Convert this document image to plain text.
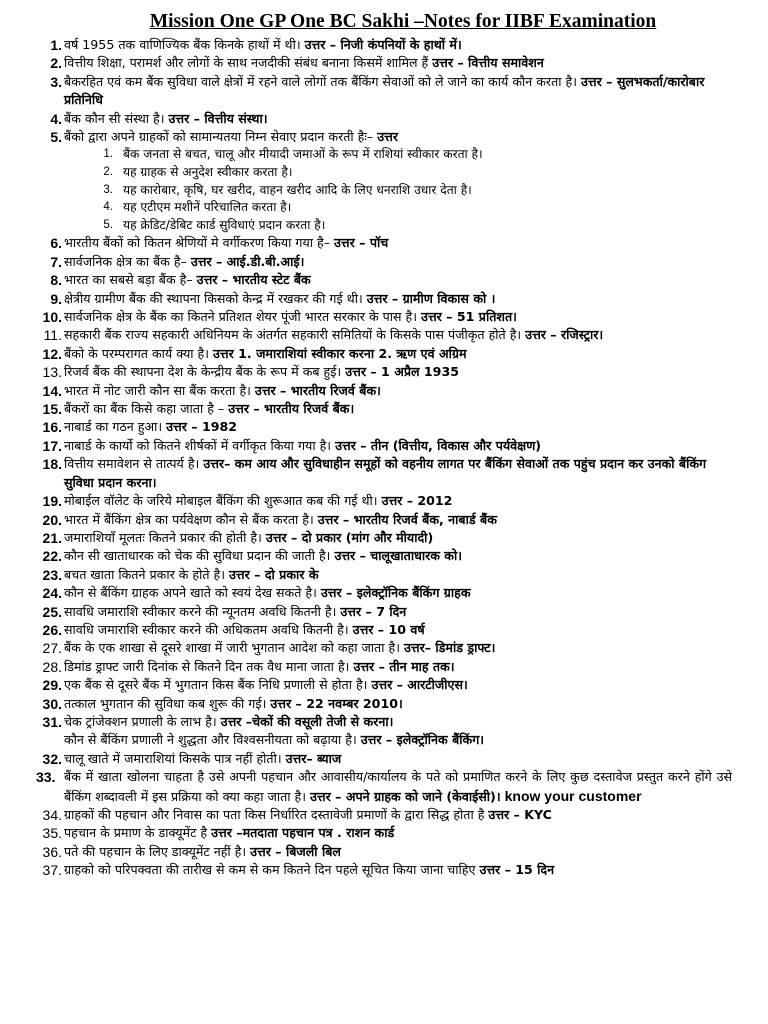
Mission One GP One BC Sakhi –Notes for IIBF Examination
1. वर्ष 1955 तक वाणिज्यिक बैंक किनके हाथों में थी। उत्तर – निजी कंपनियों के हाथों में।
2. वित्तीय शिक्षा, परामर्श और लोगों के साथ नजदीकी संबंध बनाना किसमें शामिल हैं उत्तर – वित्तीय समावेशन
3. बैकरहित एवं कम बैंक सुविधा वाले क्षेत्रों में रहने वाले लोगों तक बैंकिंग सेवाओं को ले जाने का कार्य कौन करता है। उत्तर – सुलभकर्ता/कारोबार प्रतिनिधि
4. बैंक कौन सी संस्था है। उत्तर – वित्तीय संस्था।
5. बैंको द्वारा अपने ग्राहकों को सामान्यतया निम्न सेवाए प्रदान करती हैः– उत्तर
1. बैंक जनता से बचत, चालू और मीयादी जमाओं के रूप में राशियां स्वीकार करता है।
2. यह ग्राहक से अनुदेश स्वीकार करता है।
3. यह कारोबार, कृषि, घर खरीद, वाहन खरीद आदि के लिए धनराशि उधार देता है।
4. यह एटीएम मशीनें परिचालित करता है।
5. यह क्रेडिट/डेबिट कार्ड सुविधाएं प्रदान करता है।
6. भारतीय बैंकों को कितन श्रेणियों मे वर्गीकरण किया गया है– उत्तर – पॉच
7. सार्वजनिक क्षेत्र का बैंक है– उत्तर – आई.डी.बी.आई।
8. भारत का सबसे बड़ा बैंक है– उत्तर – भारतीय स्टेट बैंक
9. क्षेत्रीय ग्रामीण बैंक की स्थापना किसको केन्द्र में रखकर की गई थी। उत्तर – ग्रामीण विकास को ।
10. सार्वजनिक क्षेत्र के बैंक का कितने प्रतिशत शेयर पूंजी भारत सरकार के पास है। उत्तर – 51 प्रतिशत।
11. सहकारी बैंक राज्य सहकारी अधिनियम के अंतर्गत सहकारी समितियों के किसके पास पंजीकृत होते है। उत्तर – रजिस्ट्रार।
12. बैंको के परम्परागत कार्य क्या है। उत्तर 1. जमाराशियां स्वीकार करना 2. ऋण एवं अग्रिम
13. रिजर्व बैंक की स्थापना देश के केन्द्रीय बैंक के रूप में कब हुई। उत्तर – 1 अप्रैल 1935
14. भारत में नोट जारी कौन सा बैंक करता है। उत्तर – भारतीय रिजर्व बैंक।
15. बैंकरों का बैंक किसे कहा जाता है – उत्तर – भारतीय रिजर्व बैंक।
16. नाबार्ड का गठन हुआ। उत्तर – 1982
17. नाबार्ड के कार्यो को कितने शीर्षकों में वर्गीकृत किया गया है। उत्तर – तीन (वित्तीय, विकास और पर्यवेक्षण)
18. वित्तीय समावेशन से तात्पर्य है। उत्तर– कम आय और सुविधाहीन समूहों को वहनीय लागत पर बैंकिंग सेवाओं तक पहुंच प्रदान कर उनको बैंकिंग सुविधा प्रदान करना।
19. मोबाईल वॉलेट के जरिये मोबाइल बैंकिंग की शुरूआत कब की गई थी। उत्तर – 2012
20. भारत में बैंकिंग क्षेत्र का पर्यवेक्षण कौन से बैंक करता है। उत्तर – भारतीय रिजर्व बैंक, नाबार्ड बैंक
21. जमाराशियॉं मूलतः कितने प्रकार की होती है। उत्तर – दो प्रकार (मांग और मीयादी)
22. कौन सी खाताधारक को चेक की सुविधा प्रदान की जाती है। उत्तर – चालूखाताधारक को।
23. बचत खाता कितने प्रकार के होते है। उत्तर – दो प्रकार के
24. कौन से बैंकिंग ग्राहक अपने खाते को स्वयं देख सकते है। उत्तर – इलेक्ट्रॉनिक बैंकिंग ग्राहक
25. सावधि जमाराशि स्वीकार करने की न्यूनतम अवधि कितनी है। उत्तर – 7 दिन
26. सावधि जमाराशि स्वीकार करने की अधिकतम अवधि कितनी है। उत्तर – 10 वर्ष
27. बैंक के एक शाखा से दूसरे शाखा में जारी भुगतान आदेश को कहा जाता है। उत्तर– डिमांड ड्राफ्ट।
28. डिमांड ड्राफ्ट जारी दिनांक से कितने दिन तक वैध माना जाता है। उत्तर – तीन माह तक।
29. एक बैंक से दूसरे बैंक में भुगतान किस बैंक निधि प्रणाली से होता है। उत्तर – आरटीजीएस।
30. तत्काल भुगतान की सुविधा कब शुरू की गई। उत्तर – 22 नवम्बर 2010।
31. चेक ट्रांजेक्शन प्रणाली के लाभ है। उत्तर –चेकों की वसूली तेजी से करना।
कौन से बैंकिंग प्रणाली ने शुद्धता और विश्वसनीयता को बढ़ाया है। उत्तर – इलेक्ट्रॉनिक बैंकिंग।
32. चालू खाते में जमाराशियां किसके पात्र नहीं होती। उत्तर– ब्याज
33. बैंक में खाता खोलना चाहता है उसे अपनी पहचान और आवासीय/कार्यालय के पते को प्रमाणित करने के लिए कुछ दस्तावेज प्रस्तुत करने होंगे उसे बैंकिंग शब्दावली में इस प्रक्रिया को क्या कहा जाता है। उत्तर – अपने ग्राहक को जाने (केवाईसी)। know your customer
34. ग्राहकों की पहचान और निवास का पता किस निर्धारित दस्तावेजी प्रमाणों के द्वारा सिद्ध होता है उत्तर – KYC
35. पहचान के प्रमाण के डाक्यूमेंट है उत्तर –मतदाता पहचान पत्र . राशन कार्ड
36. पते की पहचान के लिए डाक्यूमेंट नहीं है। उत्तर – बिजली बिल
37. ग्राहको को परिपक्वता की तारीख से कम से कम कितने दिन पहले सूचित किया जाना चाहिए उत्तर – 15 दिन
